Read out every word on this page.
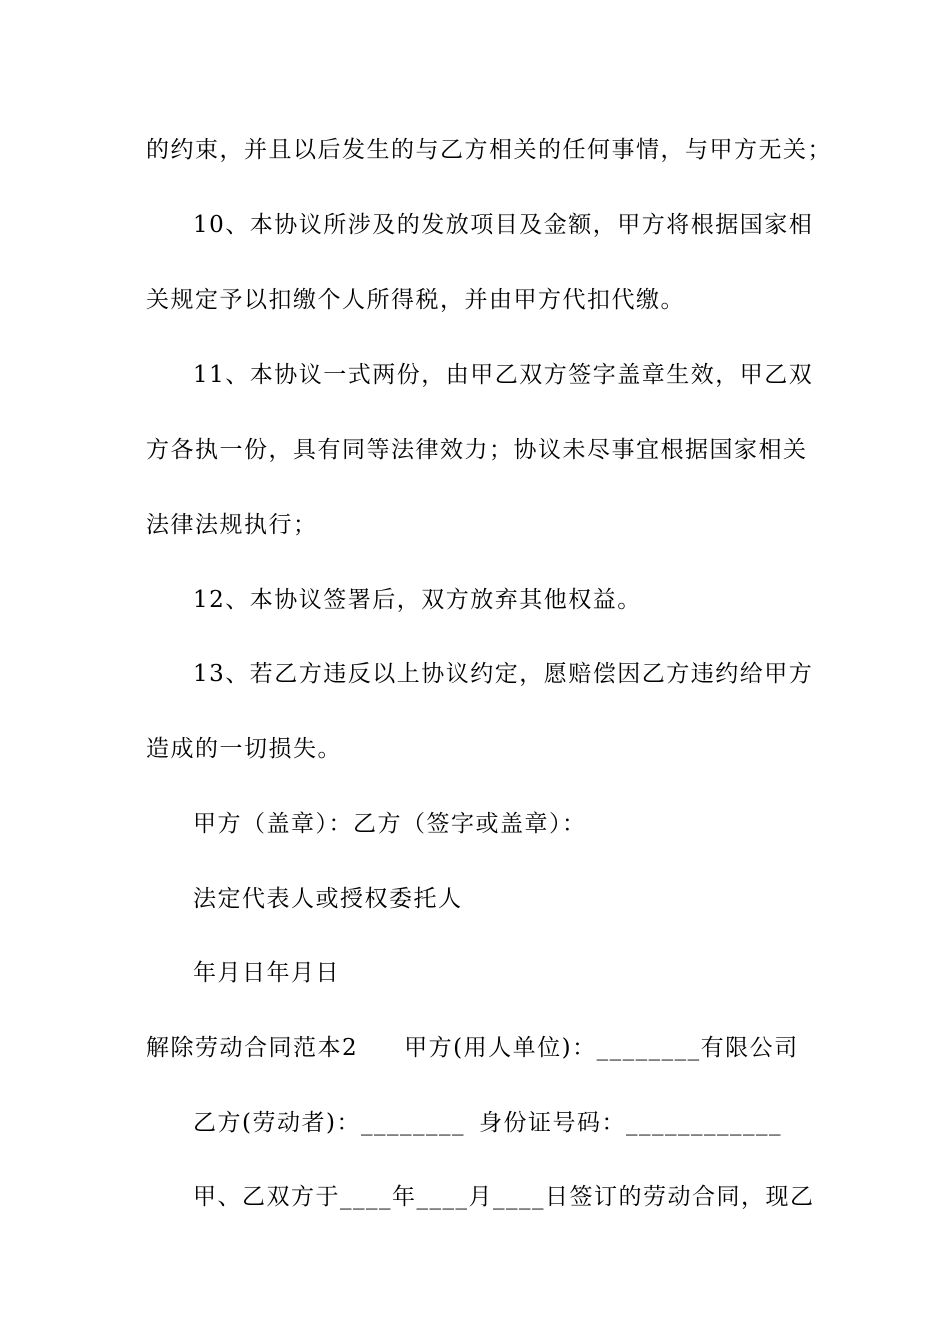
的约束，并且以后发生的与乙方相关的任何事情，与甲方无关；
10、本协议所涉及的发放项目及金额，甲方将根据国家相
关规定予以扣缴个人所得税，并由甲方代扣代缴。
11、本协议一式两份，由甲乙双方签字盖章生效，甲乙双
方各执一份，具有同等法律效力；协议未尽事宜根据国家相关
法律法规执行；
12、本协议签署后，双方放弃其他权益。
13、若乙方违反以上协议约定，愿赔偿因乙方违约给甲方
造成的一切损失。
甲方（盖章）：乙方（签字或盖章）：
法定代表人或授权委托人
年月日年月日
解除劳动合同范本2 甲方(用人单位)：________有限公司
乙方(劳动者)：________ 身份证号码：____________
甲、乙双方于____年____月____日签订的劳动合同，现乙
